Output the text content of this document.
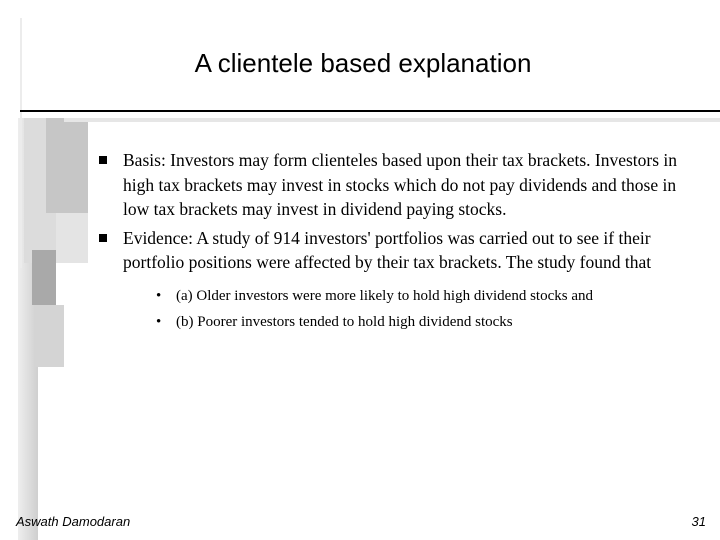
A clientele based explanation
Basis: Investors may form clienteles based upon their tax brackets. Investors in high tax brackets may invest in stocks which do not pay dividends and those in low tax brackets may invest in dividend paying stocks.
Evidence: A study of 914 investors' portfolios was carried out to see if their portfolio positions were affected by their tax brackets. The study found that
• (a) Older investors were more likely to hold high dividend stocks and
• (b) Poorer investors tended to hold high dividend stocks
Aswath Damodaran	31
